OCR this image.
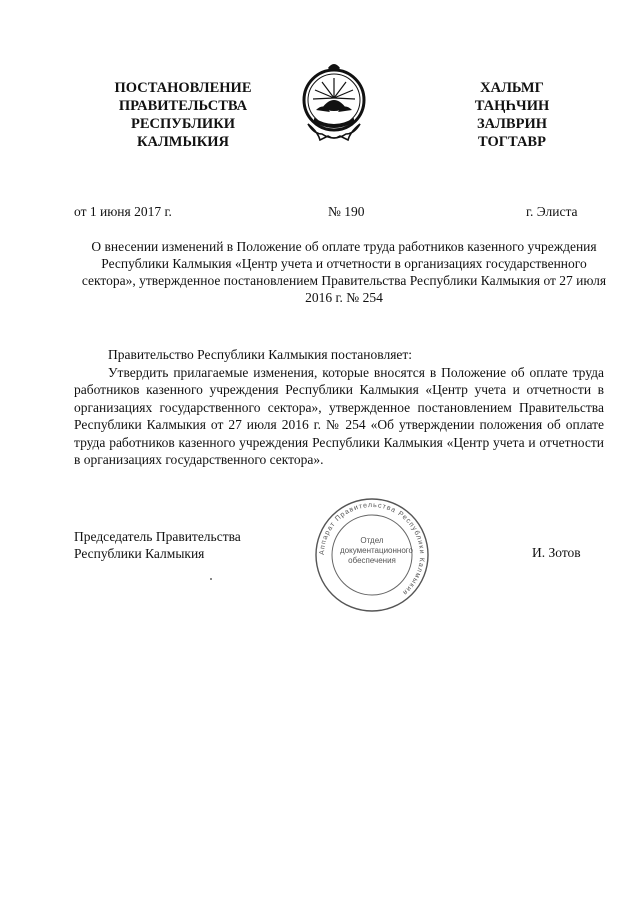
ПОСТАНОВЛЕНИЕ
ПРАВИТЕЛЬСТВА
РЕСПУБЛИКИ
КАЛМЫКИЯ
ХАЛЬМГ
ТАҢҺЧИН
ЗАЛВРИН
ТОГТАВР
от 1 июня 2017 г.	№ 190	г. Элиста
О внесении изменений в Положение об оплате труда работников казенного учреждения Республики Калмыкия «Центр учета и отчетности в организациях государственного сектора», утвержденное постановлением Правительства Республики Калмыкия от 27 июля 2016 г. № 254

Правительство Республики Калмыкия постановляет:

Утвердить прилагаемые изменения, которые вносятся в Положение об оплате труда работников казенного учреждения Республики Калмыкия «Центр учета и отчетности в организациях государственного сектора», утвержденное постановлением Правительства Республики Калмыкия от 27 июля 2016 г. № 254 «Об утверждении положения об оплате труда работников казенного учреждения Республики Калмыкия «Центр учета и отчетности в организациях государственного сектора».

Председатель Правительства
Республики Калмыкия	Аппарат Правительства Республики Калмыкия
Отдел документационного обеспечения
И. Зотов
